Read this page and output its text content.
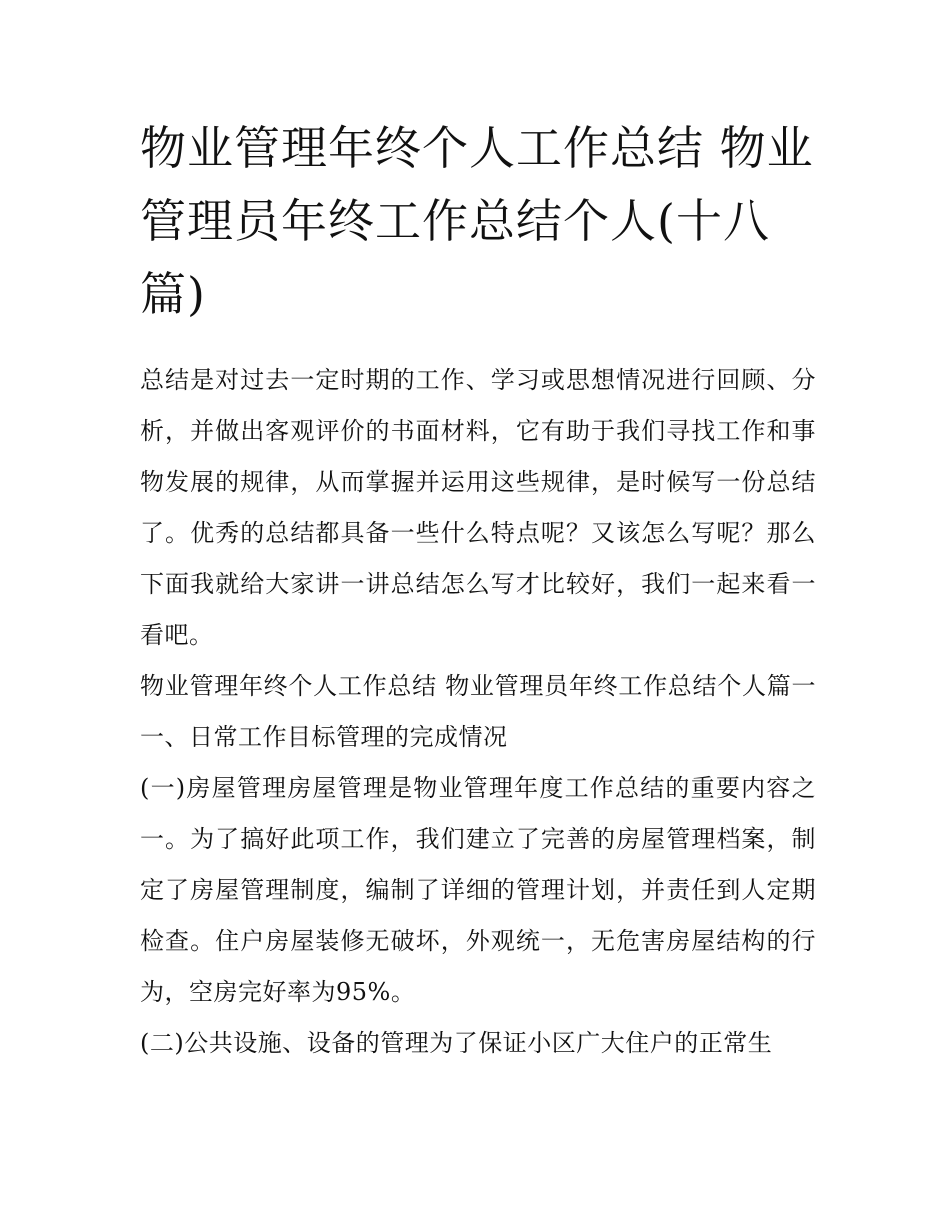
物业管理年终个人工作总结 物业管理员年终工作总结个人(十八篇)

总结是对过去一定时期的工作、学习或思想情况进行回顾、分析，并做出客观评价的书面材料，它有助于我们寻找工作和事物发展的规律，从而掌握并运用这些规律，是时候写一份总结了。优秀的总结都具备一些什么特点呢？又该怎么写呢？那么下面我就给大家讲一讲总结怎么写才比较好，我们一起来看一看吧。

物业管理年终个人工作总结 物业管理员年终工作总结个人篇一 一、日常工作目标管理的完成情况

(一)房屋管理房屋管理是物业管理年度工作总结的重要内容之一。为了搞好此项工作，我们建立了完善的房屋管理档案，制定了房屋管理制度，编制了详细的管理计划，并责任到人定期检查。住户房屋装修无破坏，外观统一，无危害房屋结构的行为，空房完好率为95%。

(二)公共设施、设备的管理为了保证小区广大住户的正常生
